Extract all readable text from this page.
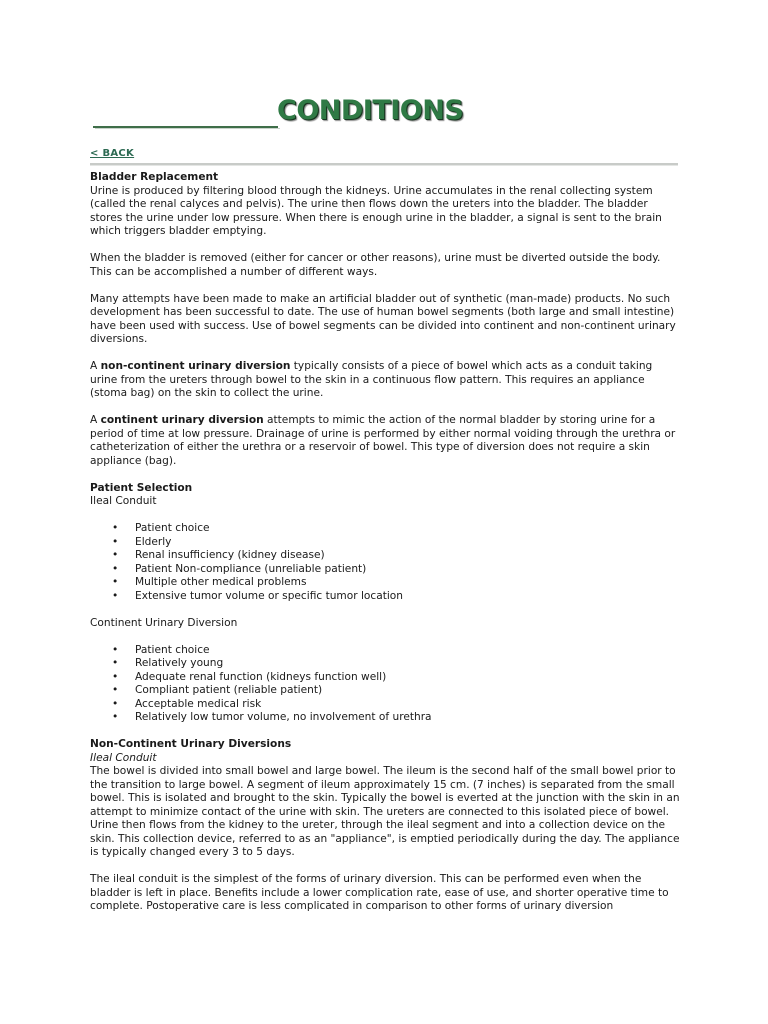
CONDITIONS
< BACK

Bladder Replacement
Urine is produced by filtering blood through the kidneys. Urine accumulates in the renal collecting system (called the renal calyces and pelvis). The urine then flows down the ureters into the bladder. The bladder stores the urine under low pressure. When there is enough urine in the bladder, a signal is sent to the brain which triggers bladder emptying.

When the bladder is removed (either for cancer or other reasons), urine must be diverted outside the body. This can be accomplished a number of different ways.

Many attempts have been made to make an artificial bladder out of synthetic (man-made) products. No such development has been successful to date. The use of human bowel segments (both large and small intestine) have been used with success. Use of bowel segments can be divided into continent and non-continent urinary diversions.

A non-continent urinary diversion typically consists of a piece of bowel which acts as a conduit taking urine from the ureters through bowel to the skin in a continuous flow pattern. This requires an appliance (stoma bag) on the skin to collect the urine.

A continent urinary diversion attempts to mimic the action of the normal bladder by storing urine for a period of time at low pressure. Drainage of urine is performed by either normal voiding through the urethra or catheterization of either the urethra or a reservoir of bowel. This type of diversion does not require a skin appliance (bag).

Patient Selection
Ileal Conduit
• Patient choice
• Elderly
• Renal insufficiency (kidney disease)
• Patient Non-compliance (unreliable patient)
• Multiple other medical problems
• Extensive tumor volume or specific tumor location
Continent Urinary Diversion
• Patient choice
• Relatively young
• Adequate renal function (kidneys function well)
• Compliant patient (reliable patient)
• Acceptable medical risk
• Relatively low tumor volume, no involvement of urethra

Non-Continent Urinary Diversions
Ileal Conduit
The bowel is divided into small bowel and large bowel. The ileum is the second half of the small bowel prior to the transition to large bowel. A segment of ileum approximately 15 cm. (7 inches) is separated from the small bowel. This is isolated and brought to the skin. Typically the bowel is everted at the junction with the skin in an attempt to minimize contact of the urine with skin. The ureters are connected to this isolated piece of bowel. Urine then flows from the kidney to the ureter, through the ileal segment and into a collection device on the skin. This collection device, referred to as an "appliance", is emptied periodically during the day. The appliance is typically changed every 3 to 5 days.

The ileal conduit is the simplest of the forms of urinary diversion. This can be performed even when the bladder is left in place. Benefits include a lower complication rate, ease of use, and shorter operative time to complete. Postoperative care is less complicated in comparison to other forms of urinary diversion
